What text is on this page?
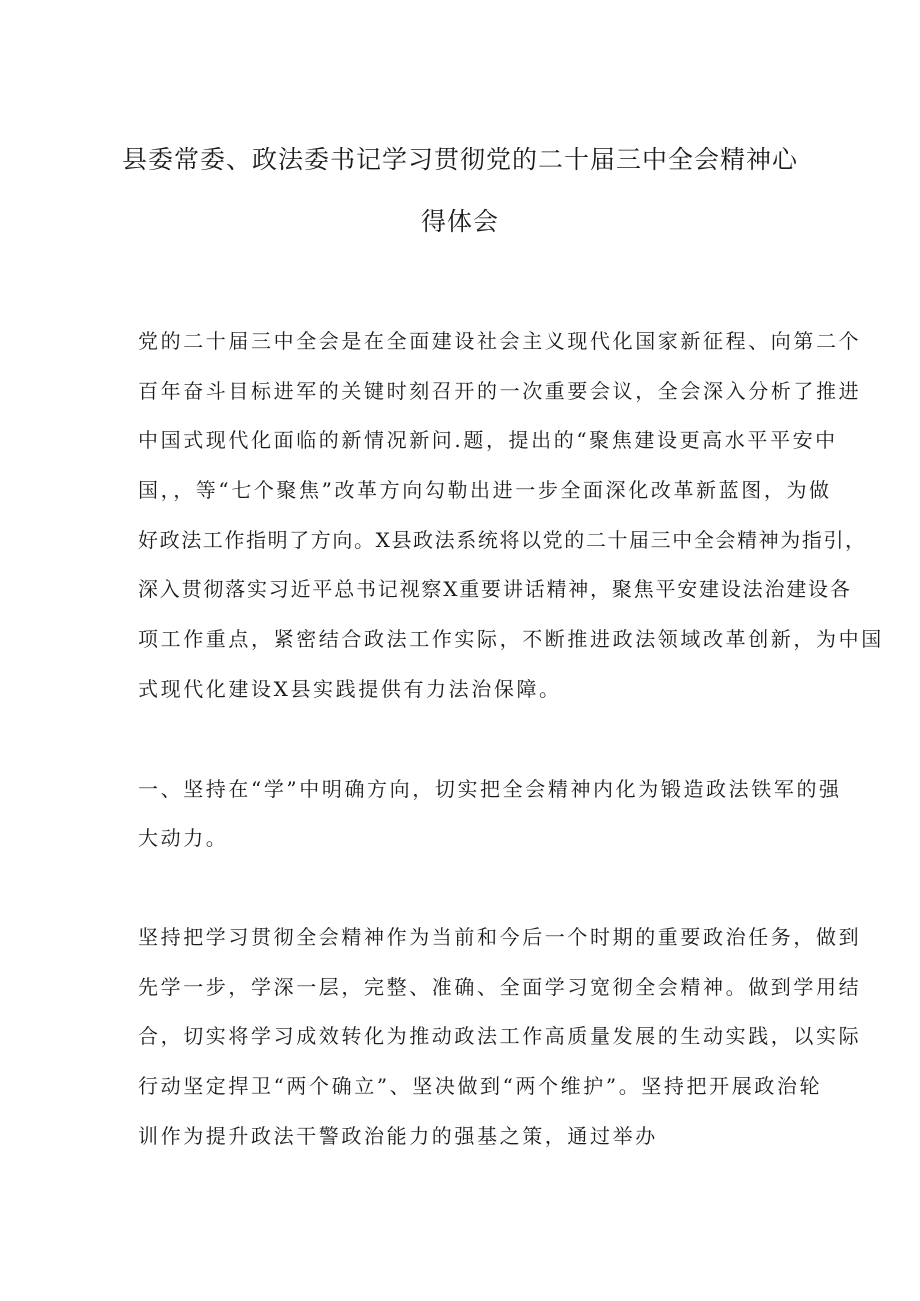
县委常委、政法委书记学习贯彻党的二十届三中全会精神心
得体会
党的二十届三中全会是在全面建设社会主义现代化国家新征程、向第二个
百年奋斗目标进军的关键时刻召开的一次重要会议，全会深入分析了推进
中国式现代化面临的新情况新问.题，提出的“聚焦建设更高水平平安中
国，，等“七个聚焦”改革方向勾勒出进一步全面深化改革新蓝图，为做
好政法工作指明了方向。X县政法系统将以党的二十届三中全会精神为指引，
深入贯彻落实习近平总书记视察X重要讲话精神，聚焦平安建设法治建设各
项工作重点，紧密结合政法工作实际，不断推进政法领域改革创新，为中国
式现代化建设X县实践提供有力法治保障。
一、坚持在“学”中明确方向，切实把全会精神内化为锻造政法铁军的强
大动力。
坚持把学习贯彻全会精神作为当前和今后一个时期的重要政治任务，做到
先学一步，学深一层，完整、准确、全面学习宽彻全会精神。做到学用结
合，切实将学习成效转化为推动政法工作高质量发展的生动实践，以实际
行动坚定捍卫“两个确立”、坚决做到“两个维护”。坚持把开展政治轮
训作为提升政法干警政治能力的强基之策，通过举办
